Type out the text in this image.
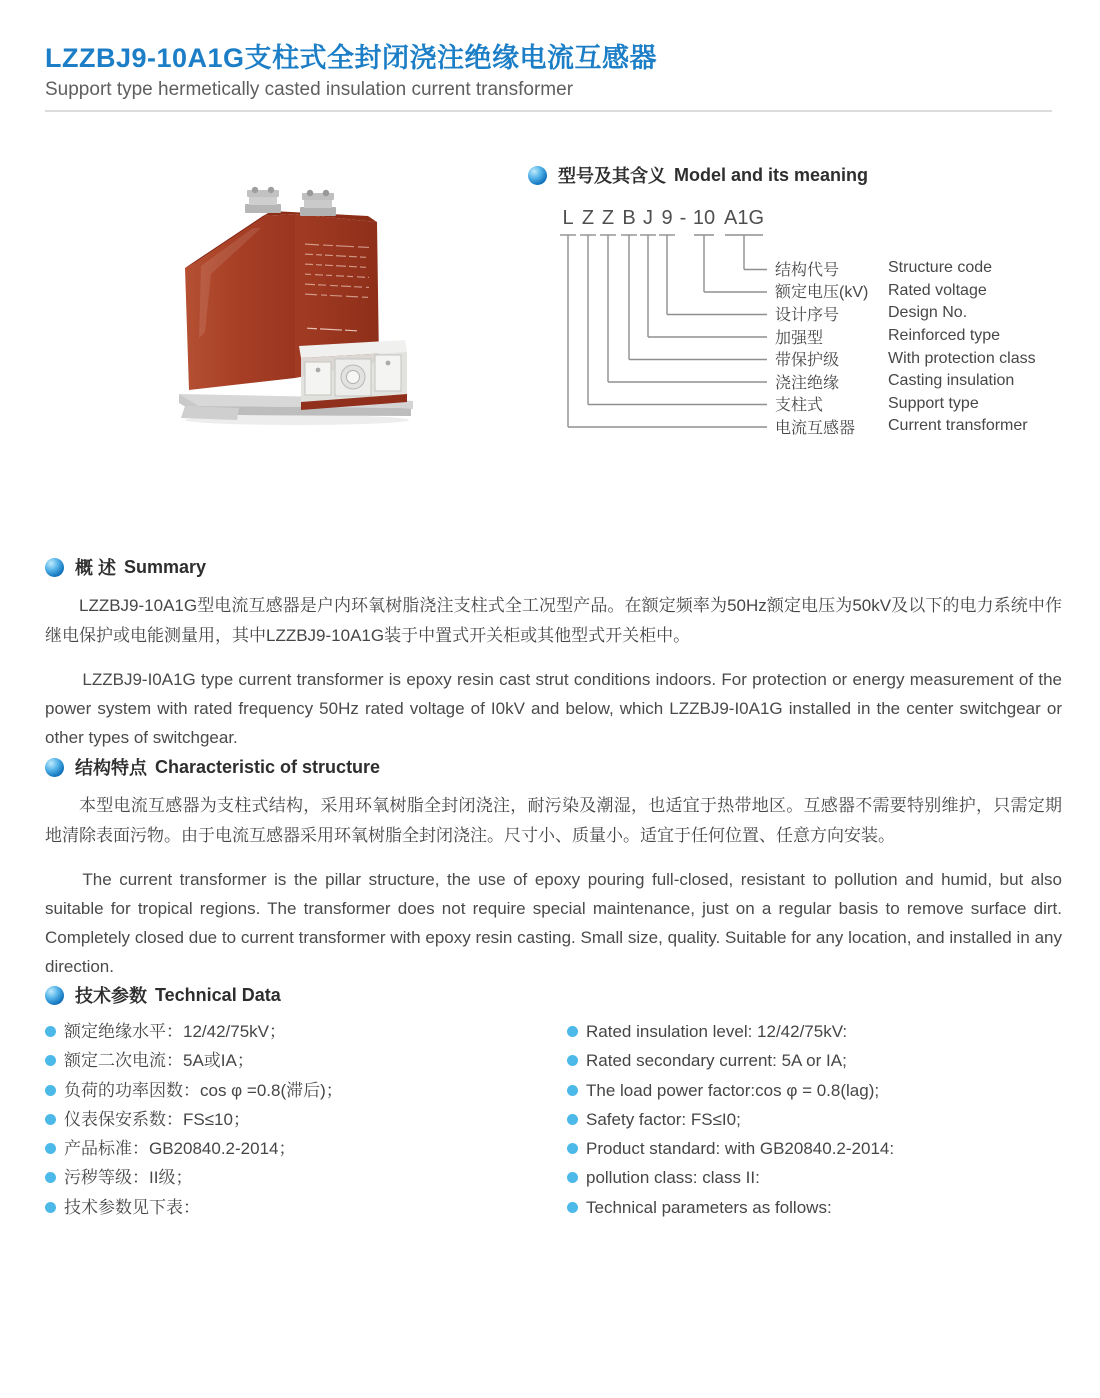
LZZBJ9-10A1G支柱式全封闭浇注绝缘电流互感器
Support type hermetically casted insulation current transformer
型号及其含义 Model and its meaning
L Z Z B J 9 - 10 A1G
结构代号	Structure code
额定电压(kV)	Rated voltage
设计序号	Design No.
加强型	Reinforced type
带保护级	With protection class
浇注绝缘	Casting insulation
支柱式	Support type
电流互感器	Current transformer
概 述 Summary

LZZBJ9-10A1G型电流互感器是户内环氧树脂浇注支柱式全工况型产品。在额定频率为50Hz额定电压为50kV及以下的电力系统中作继电保护或电能测量用，其中LZZBJ9-10A1G装于中置式开关柜或其他型式开关柜中。

LZZBJ9-I0A1G type current transformer is epoxy resin cast strut conditions indoors. For protection or energy measurement of the power system with rated frequency 50Hz rated voltage of I0kV and below, which LZZBJ9-I0A1G installed in the center switchgear or other types of switchgear.

结构特点 Characteristic of structure

本型电流互感器为支柱式结构，采用环氧树脂全封闭浇注，耐污染及潮湿，也适宜于热带地区。互感器不需要特别维护，只需定期地清除表面污物。由于电流互感器采用环氧树脂全封闭浇注。尺寸小、质量小。适宜于任何位置、任意方向安装。

The current transformer is the pillar structure, the use of epoxy pouring full-closed, resistant to pollution and humid, but also suitable for tropical regions. The transformer does not require special maintenance, just on a regular basis to remove surface dirt. Completely closed due to current transformer with epoxy resin casting. Small size, quality. Suitable for any location, and installed in any direction.

技术参数 Technical Data
额定绝缘水平：12/42/75kV；	Rated insulation level: 12/42/75kV:
额定二次电流：5A或IA；	Rated secondary current: 5A or IA;
负荷的功率因数：cos φ =0.8(滞后)；	The load power factor:cos φ = 0.8(lag);
仪表保安系数：FS≤10；	Safety factor: FS≤I0;
产品标准：GB20840.2-2014；	Product standard: with GB20840.2-2014:
污秽等级：II级；	pollution class: class II:
技术参数见下表：	Technical parameters as follows:
